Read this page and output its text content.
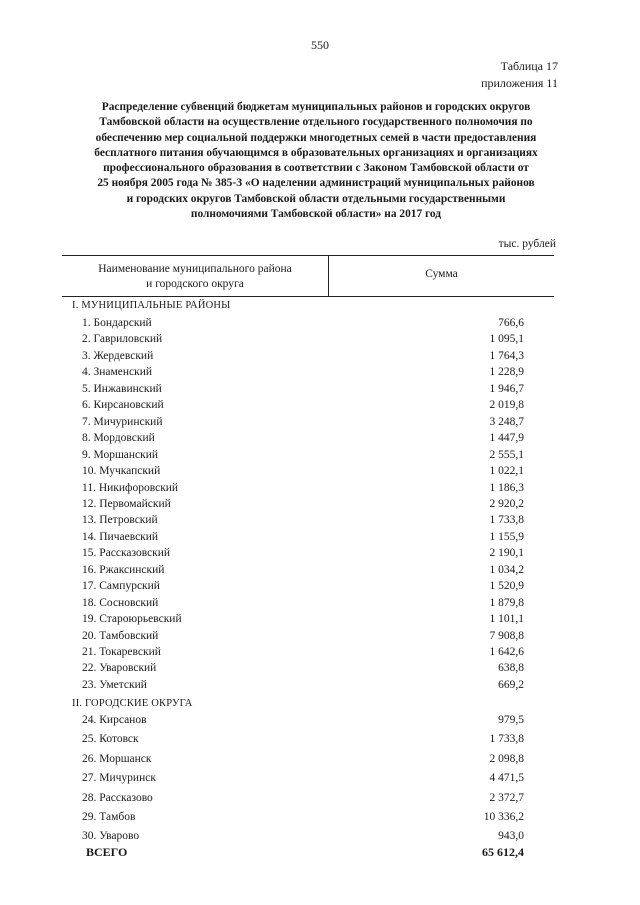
550
Таблица 17
приложения 11
Распределение субвенций бюджетам муниципальных районов и городских округов
Тамбовской области на осуществление отдельного государственного полномочия по
обеспечению мер социальной поддержки многодетных семей в части предоставления
бесплатного питания обучающимся в образовательных организациях и организациях
профессионального образования в соответствии с Законом Тамбовской области от
25 ноября 2005 года № 385-З «О наделении администраций муниципальных районов
и городских округов Тамбовской области отдельными государственными
полномочиями Тамбовской области» на 2017 год
тыс. рублей
Наименование муниципального района
и городского округа
Сумма
I. МУНИЦИПАЛЬНЫЕ РАЙОНЫ
1. Бондарский	766,6
2. Гавриловский	1 095,1
3. Жердевский	1 764,3
4. Знаменский	1 228,9
5. Инжавинский	1 946,7
6. Кирсановский	2 019,8
7. Мичуринский	3 248,7
8. Мордовский	1 447,9
9. Моршанский	2 555,1
10. Мучкапский	1 022,1
11. Никифоровский	1 186,3
12. Первомайский	2 920,2
13. Петровский	1 733,8
14. Пичаевский	1 155,9
15. Рассказовский	2 190,1
16. Ржаксинский	1 034,2
17. Сампурский	1 520,9
18. Сосновский	1 879,8
19. Староюрьевский	1 101,1
20. Тамбовский	7 908,8
21. Токаревский	1 642,6
22. Уваровский	638,8
23. Уметский	669,2
II. ГОРОДСКИЕ ОКРУГА
24. Кирсанов	979,5
25. Котовск	1 733,8
26. Моршанск	2 098,8
27. Мичуринск	4 471,5
28. Рассказово	2 372,7
29. Тамбов	10 336,2
30. Уварово	943,0
ВСЕГО	65 612,4
